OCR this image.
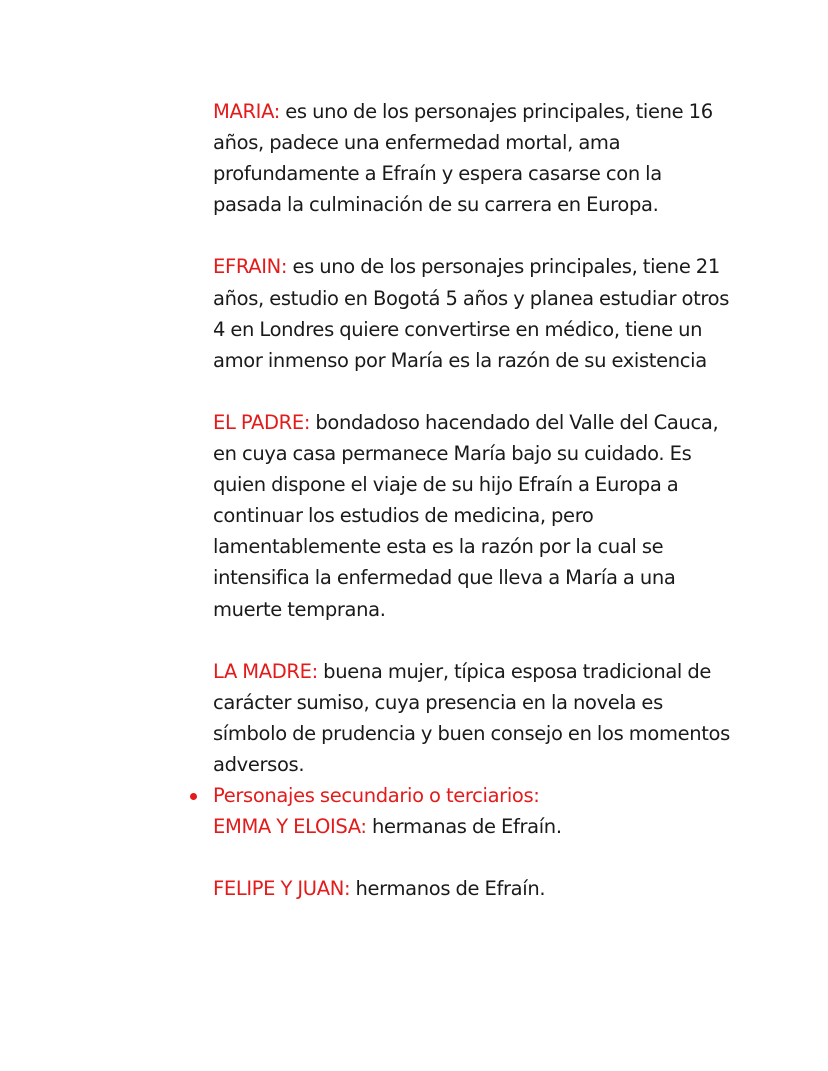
MARIA: es uno de los personajes principales, tiene 16 años, padece una enfermedad mortal, ama profundamente a Efraín y espera casarse con la pasada la culminación de su carrera en Europa.

EFRAIN: es uno de los personajes principales, tiene 21 años, estudio en Bogotá 5 años y planea estudiar otros 4 en Londres quiere convertirse en médico, tiene un amor inmenso por María es la razón de su existencia

EL PADRE: bondadoso hacendado del Valle del Cauca, en cuya casa permanece María bajo su cuidado. Es quien dispone el viaje de su hijo Efraín a Europa a continuar los estudios de medicina, pero lamentablemente esta es la razón por la cual se intensifica la enfermedad que lleva a María a una muerte temprana.

LA MADRE: buena mujer, típica esposa tradicional de carácter sumiso, cuya presencia en la novela es símbolo de prudencia y buen consejo en los momentos adversos.

Personajes secundario o terciarios:

EMMA Y ELOISA: hermanas de Efraín.

FELIPE Y JUAN: hermanos de Efraín.
